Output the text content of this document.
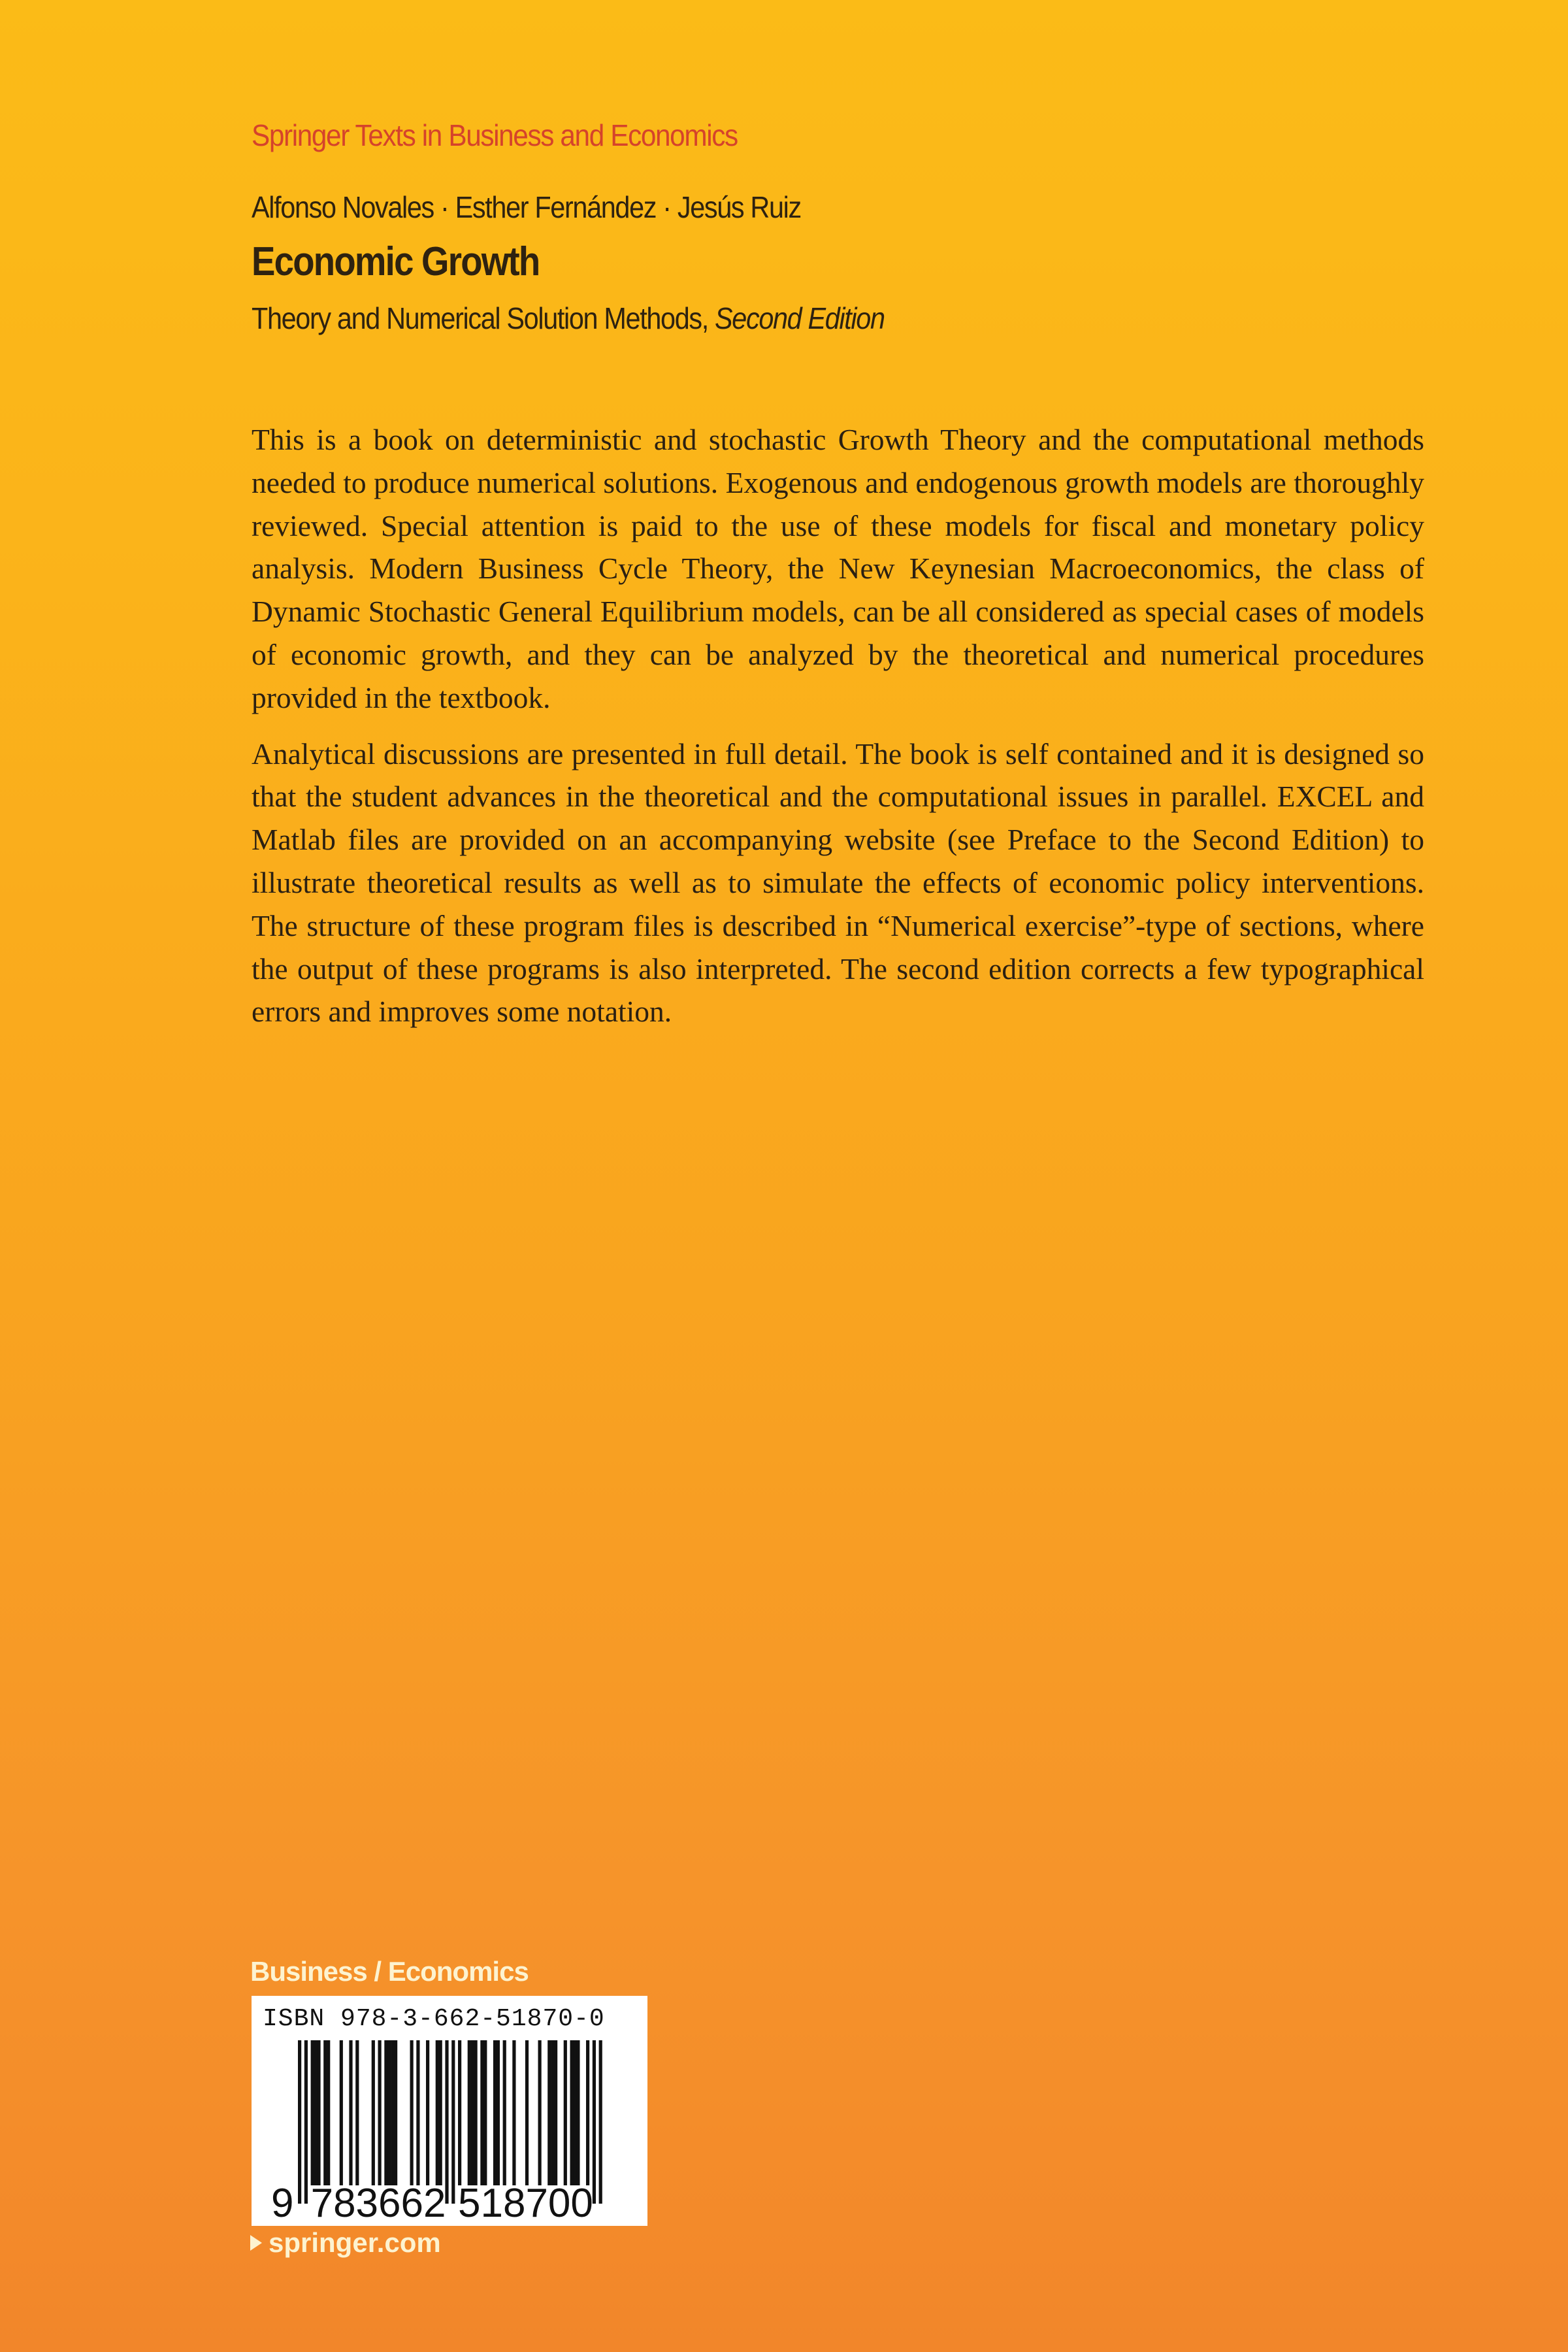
Springer Texts in Business and Economics
Alfonso Novales · Esther Fernández · Jesús Ruiz
Economic Growth
Theory and Numerical Solution Methods, Second Edition

This is a book on deterministic and stochastic Growth Theory and the computational methods needed to produce numerical solutions. Exogenous and endogenous growth models are thoroughly reviewed. Special attention is paid to the use of these models for fiscal and monetary policy analysis. Modern Business Cycle Theory, the New Keynesian Macroeconomics, the class of Dynamic Stochastic General Equilibrium models, can be all considered as special cases of models of economic growth, and they can be analyzed by the theoretical and numerical procedures provided in the textbook.

Analytical discussions are presented in full detail. The book is self contained and it is designed so that the student advances in the theoretical and the computational issues in parallel. EXCEL and Matlab files are provided on an accompanying website (see Preface to the Second Edition) to illustrate theoretical results as well as to simulate the effects of economic policy interventions. The structure of these program files is described in “Numerical exercise”-type of sections, where the output of these programs is also interpreted. The second edition corrects a few typographical errors and improves some notation.

Business / Economics
ISBN 978-3-662-51870-0
9 783662 518700
springer.com
